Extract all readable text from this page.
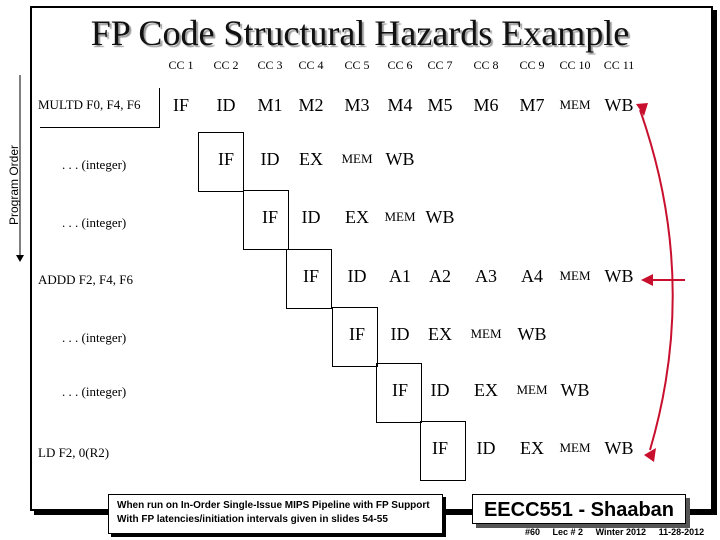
FP Code Structural Hazards Example
Program Order
CC 1 CC 2 CC 3 CC 4 CC 5 CC 6 CC 7 CC 8 CC 9 CC 10 CC 11
MULTD F0, F4, F6
. . . (integer)
. . . (integer)
ADDD F2, F4, F6
. . . (integer)
. . . (integer)
LD F2, 0(R2)
IF ID M1 M2 M3 M4 M5 M6 M7 MEM WB
IF ID EX MEM WB
IF ID EX MEM WB
IF ID A1 A2 A3 A4 MEM WB
IF ID EX MEM WB
IF ID EX MEM WB
IF ID EX MEM WB
When run on In-Order Single-Issue MIPS Pipeline with FP Support
With FP latencies/initiation intervals given in slides 54-55	EECC551 - Shaaban
#60 Lec # 2 Winter 2012 11-28-2012
